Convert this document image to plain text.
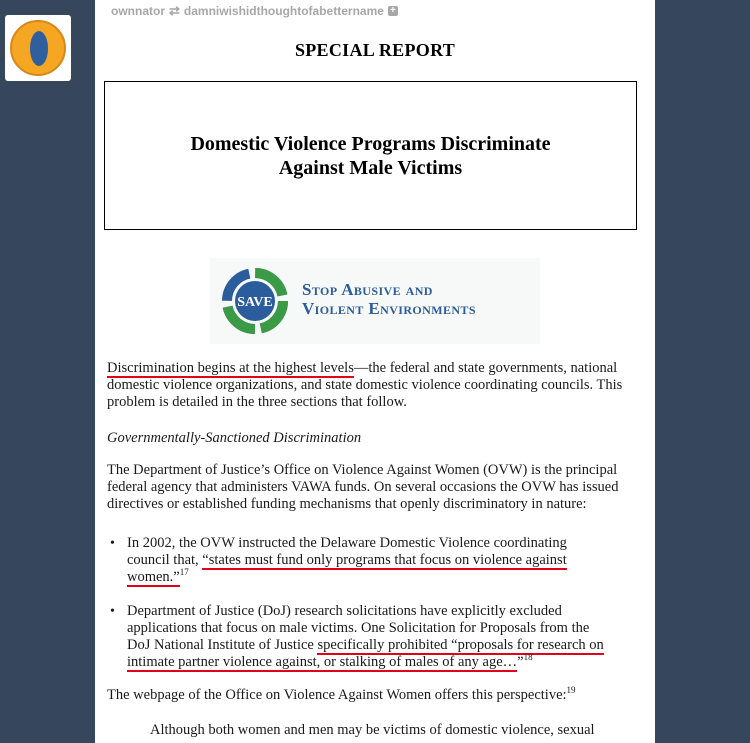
ownnator ⇄ damniwishidthoughtofabettername +
SPECIAL REPORT
Domestic Violence Programs Discriminate
Against Male Victims
SAVE
Stop Abusive and
Violent Environments
Discrimination begins at the highest levels—the federal and state governments, national
domestic violence organizations, and state domestic violence coordinating councils. This
problem is detailed in the three sections that follow.
Governmentally-Sanctioned Discrimination
The Department of Justice’s Office on Violence Against Women (OVW) is the principal
federal agency that administers VAWA funds. On several occasions the OVW has issued
directives or established funding mechanisms that openly discriminatory in nature:
• In 2002, the OVW instructed the Delaware Domestic Violence coordinating
council that, “states must fund only programs that focus on violence against
women.”$^{17}$
• Department of Justice (DoJ) research solicitations have explicitly excluded
applications that focus on male victims. One Solicitation for Proposals from the
DoJ National Institute of Justice specifically prohibited “proposals for research on
intimate partner violence against, or stalking of males of any age…”$^{18}$
The webpage of the Office on Violence Against Women offers this perspective:$^{19}$
Although both women and men may be victims of domestic violence, sexual
